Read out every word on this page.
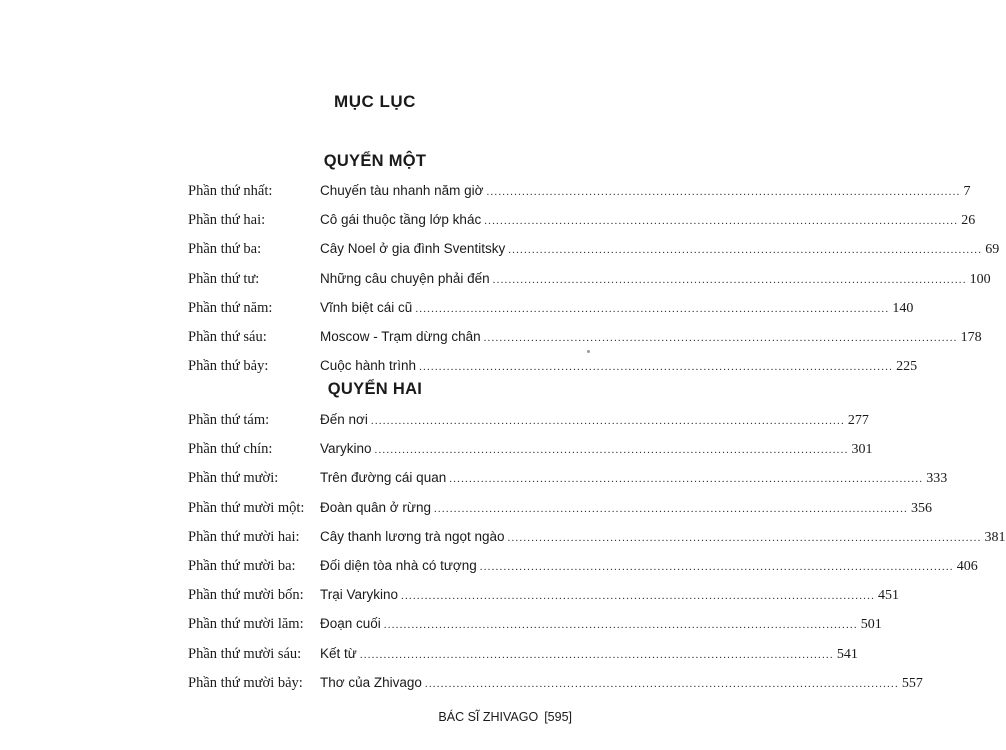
MỤC LỤC
QUYỂN MỘT
Phần thứ nhất:	Chuyến tàu nhanh năm giờ ........................................................................................................................ 7
Phần thứ hai:	Cô gái thuộc tầng lớp khác ........................................................................................................................ 26
Phần thứ ba:	Cây Noel ở gia đình Sventitsky ........................................................................................................................ 69
Phần thứ tư:	Những câu chuyện phải đến ........................................................................................................................ 100
Phần thứ năm:	Vĩnh biệt cái cũ ........................................................................................................................ 140
Phần thứ sáu:	Moscow - Trạm dừng chân ........................................................................................................................ 178
Phần thứ bảy:	Cuộc hành trình ........................................................................................................................ 225
QUYỂN HAI
Phần thứ tám:	Đến nơi ........................................................................................................................ 277
Phần thứ chín:	Varykino ........................................................................................................................ 301
Phần thứ mười:	Trên đường cái quan ........................................................................................................................ 333
Phần thứ mười một: Đoàn quân ở rừng ........................................................................................................................ 356
Phần thứ mười hai: Cây thanh lương trà ngọt ngào ........................................................................................................................ 381
Phần thứ mười ba: Đối diện tòa nhà có tượng ........................................................................................................................ 406
Phần thứ mười bốn: Trại Varykino ........................................................................................................................ 451
Phần thứ mười lăm: Đoạn cuối ........................................................................................................................ 501
Phần thứ mười sáu: Kết từ ........................................................................................................................ 541
Phần thứ mười bảy: Thơ của Zhivago ........................................................................................................................ 557
BÁC SĨ ZHIVAGO [595]
